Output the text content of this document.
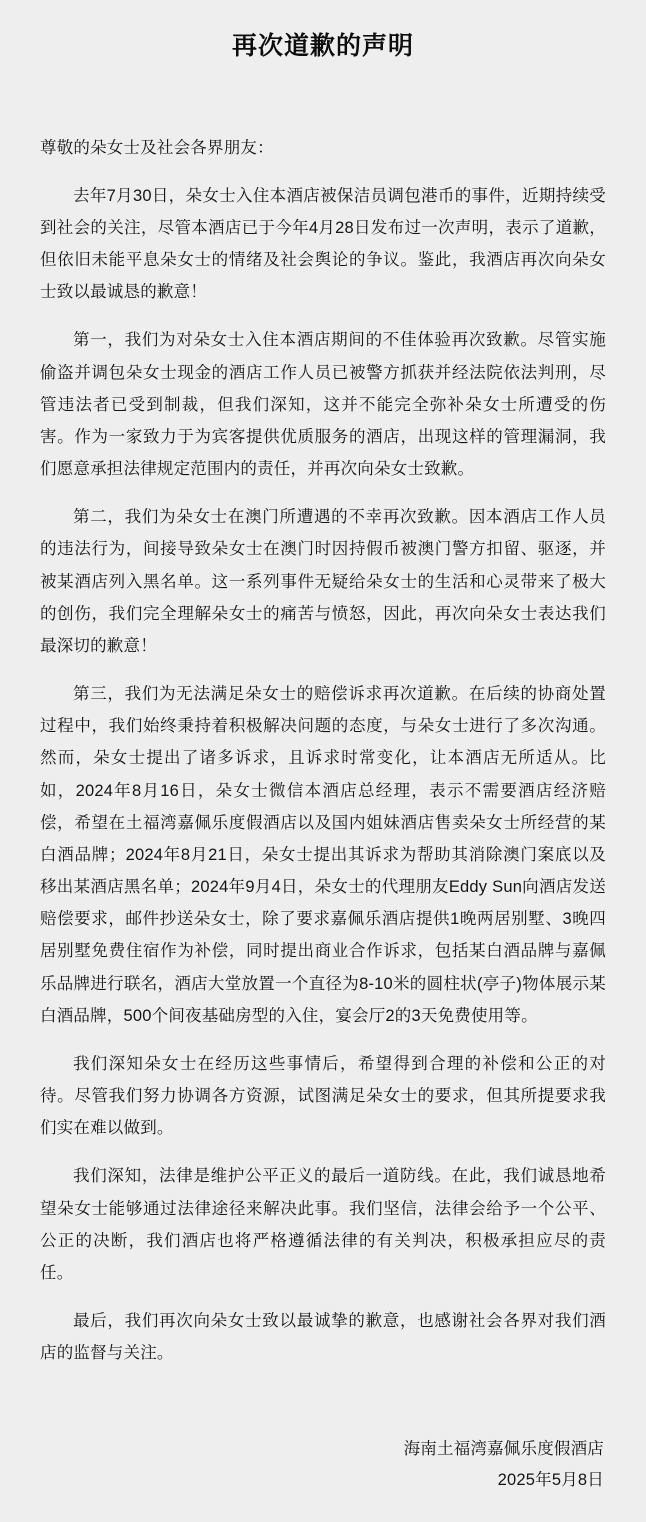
再次道歉的声明

尊敬的朵女士及社会各界朋友：

去年7月30日，朵女士入住本酒店被保洁员调包港币的事件，近期持续受到社会的关注，尽管本酒店已于今年4月28日发布过一次声明，表示了道歉，但依旧未能平息朵女士的情绪及社会舆论的争议。鉴此，我酒店再次向朵女士致以最诚恳的歉意！

第一，我们为对朵女士入住本酒店期间的不佳体验再次致歉。尽管实施偷盗并调包朵女士现金的酒店工作人员已被警方抓获并经法院依法判刑，尽管违法者已受到制裁，但我们深知，这并不能完全弥补朵女士所遭受的伤害。作为一家致力于为宾客提供优质服务的酒店，出现这样的管理漏洞，我们愿意承担法律规定范围内的责任，并再次向朵女士致歉。

第二，我们为朵女士在澳门所遭遇的不幸再次致歉。因本酒店工作人员的违法行为，间接导致朵女士在澳门时因持假币被澳门警方扣留、驱逐，并被某酒店列入黑名单。这一系列事件无疑给朵女士的生活和心灵带来了极大的创伤，我们完全理解朵女士的痛苦与愤怒，因此，再次向朵女士表达我们最深切的歉意！

第三，我们为无法满足朵女士的赔偿诉求再次道歉。在后续的协商处置过程中，我们始终秉持着积极解决问题的态度，与朵女士进行了多次沟通。然而，朵女士提出了诸多诉求，且诉求时常变化，让本酒店无所适从。比如，2024年8月16日，朵女士微信本酒店总经理，表示不需要酒店经济赔偿，希望在土福湾嘉佩乐度假酒店以及国内姐妹酒店售卖朵女士所经营的某白酒品牌；2024年8月21日，朵女士提出其诉求为帮助其消除澳门案底以及移出某酒店黑名单；2024年9月4日，朵女士的代理朋友Eddy Sun向酒店发送赔偿要求，邮件抄送朵女士，除了要求嘉佩乐酒店提供1晚两居别墅、3晚四居别墅免费住宿作为补偿，同时提出商业合作诉求，包括某白酒品牌与嘉佩乐品牌进行联名，酒店大堂放置一个直径为8-10米的圆柱状(亭子)物体展示某白酒品牌，500个间夜基础房型的入住，宴会厅2的3天免费使用等。

我们深知朵女士在经历这些事情后，希望得到合理的补偿和公正的对待。尽管我们努力协调各方资源，试图满足朵女士的要求，但其所提要求我们实在难以做到。

我们深知，法律是维护公平正义的最后一道防线。在此，我们诚恳地希望朵女士能够通过法律途径来解决此事。我们坚信，法律会给予一个公平、公正的决断，我们酒店也将严格遵循法律的有关判决，积极承担应尽的责任。

最后，我们再次向朵女士致以最诚挚的歉意，也感谢社会各界对我们酒店的监督与关注。

海南土福湾嘉佩乐度假酒店
2025年5月8日
